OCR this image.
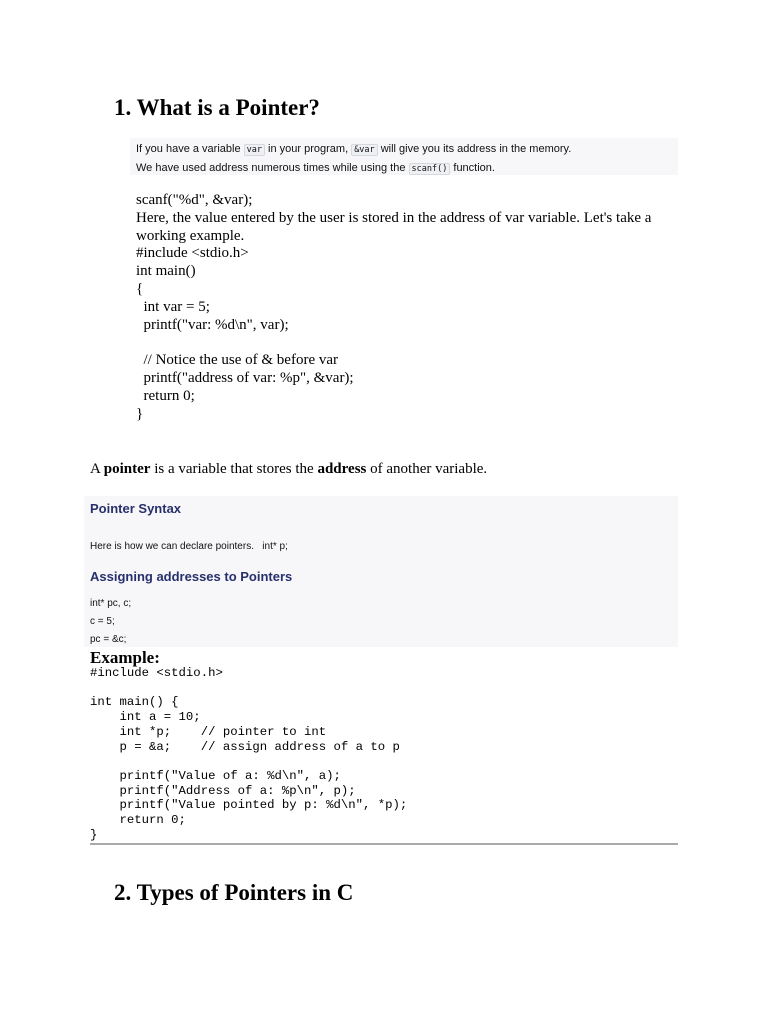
1. What is a Pointer?
If you have a variable var in your program, &var will give you its address in the memory.
We have used address numerous times while using the scanf() function.

scanf("%d", &var);

Here, the value entered by the user is stored in the address of var variable. Let's take a working example.

#include <stdio.h>

int main()

{

int var = 5;

printf("var: %d\n", var);

// Notice the use of & before var

printf("address of var: %p", &var);

return 0;

}

A pointer is a variable that stores the address of another variable.

Pointer Syntax

Here is how we can declare pointers.   int* p;

Assigning addresses to Pointers

int* pc, c;

c = 5;

pc = &c;

Example:
#include <stdio.h>

int main() {
int a = 10;
int *p;    // pointer to int
p = &a;    // assign address of a to p

printf("Value of a: %d\n", a);
printf("Address of a: %p\n", p);
printf("Value pointed by p: %d\n", *p);
return 0;
}
2. Types of Pointers in C
